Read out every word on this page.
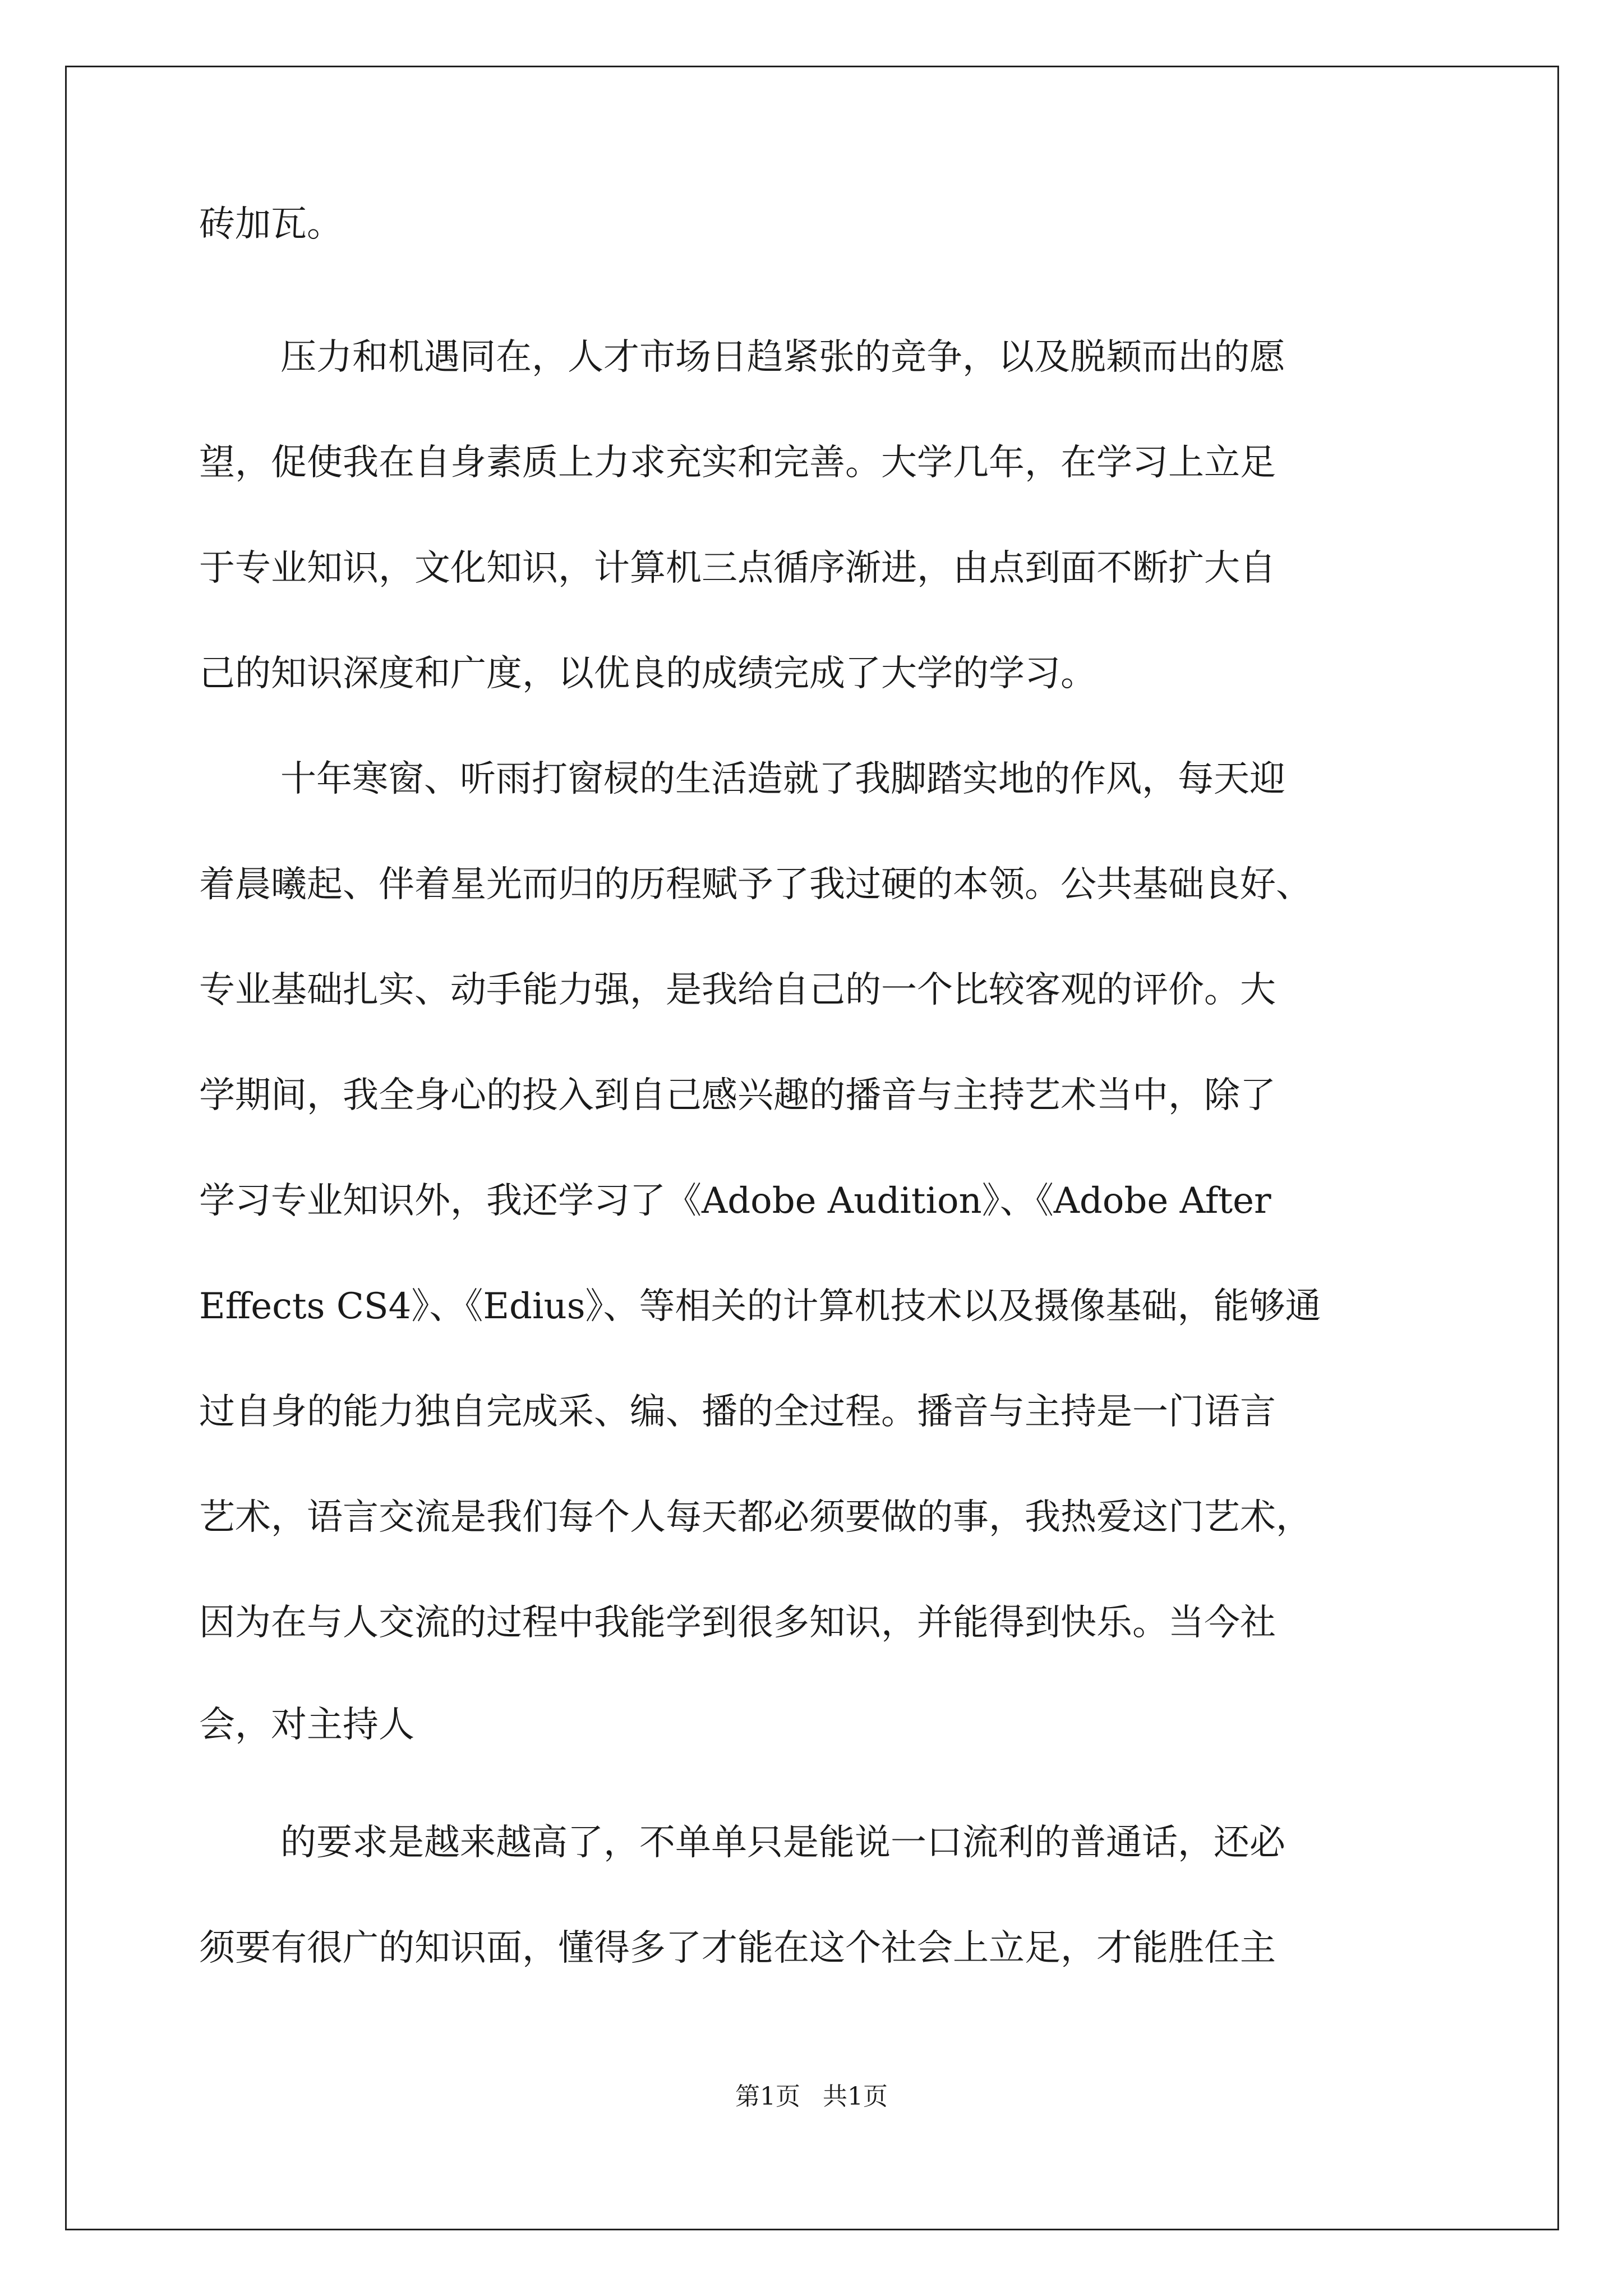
砖加瓦。
压力和机遇同在，人才市场日趋紧张的竞争，以及脱颖而出的愿
望，促使我在自身素质上力求充实和完善。大学几年，在学习上立足
于专业知识，文化知识，计算机三点循序渐进，由点到面不断扩大自
己的知识深度和广度，以优良的成绩完成了大学的学习。
十年寒窗、听雨打窗棂的生活造就了我脚踏实地的作风，每天迎
着晨曦起、伴着星光而归的历程赋予了我过硬的本领。公共基础良好、
专业基础扎实、动手能力强，是我给自己的一个比较客观的评价。大
学期间，我全身心的投入到自己感兴趣的播音与主持艺术当中，除了
学习专业知识外，我还学习了《Adobe Audition》、《Adobe After
Effects CS4》、《Edius》、等相关的计算机技术以及摄像基础，能够通
过自身的能力独自完成采、编、播的全过程。播音与主持是一门语言
艺术，语言交流是我们每个人每天都必须要做的事，我热爱这门艺术，
因为在与人交流的过程中我能学到很多知识，并能得到快乐。当今社
会，对主持人
的要求是越来越高了，不单单只是能说一口流利的普通话，还必
须要有很广的知识面，懂得多了才能在这个社会上立足，才能胜任主
第1页 共1页
